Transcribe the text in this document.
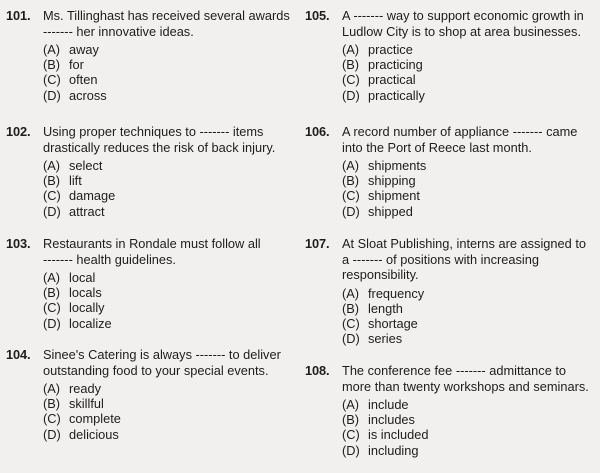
101. Ms. Tillinghast has received several awards
------- her innovative ideas.
(A) away
(B) for
(C) often
(D) across
102. Using proper techniques to ------- items
drastically reduces the risk of back injury.
(A) select
(B) lift
(C) damage
(D) attract
103. Restaurants in Rondale must follow all
------- health guidelines.
(A) local
(B) locals
(C) locally
(D) localize
104. Sinee's Catering is always ------- to deliver
outstanding food to your special events.
(A) ready
(B) skillful
(C) complete
(D) delicious
105. A ------- way to support economic growth in
Ludlow City is to shop at area businesses.
(A) practice
(B) practicing
(C) practical
(D) practically
106. A record number of appliance ------- came
into the Port of Reece last month.
(A) shipments
(B) shipping
(C) shipment
(D) shipped
107. At Sloat Publishing, interns are assigned to
a ------- of positions with increasing
responsibility.
(A) frequency
(B) length
(C) shortage
(D) series
108. The conference fee ------- admittance to
more than twenty workshops and seminars.
(A) include
(B) includes
(C) is included
(D) including
